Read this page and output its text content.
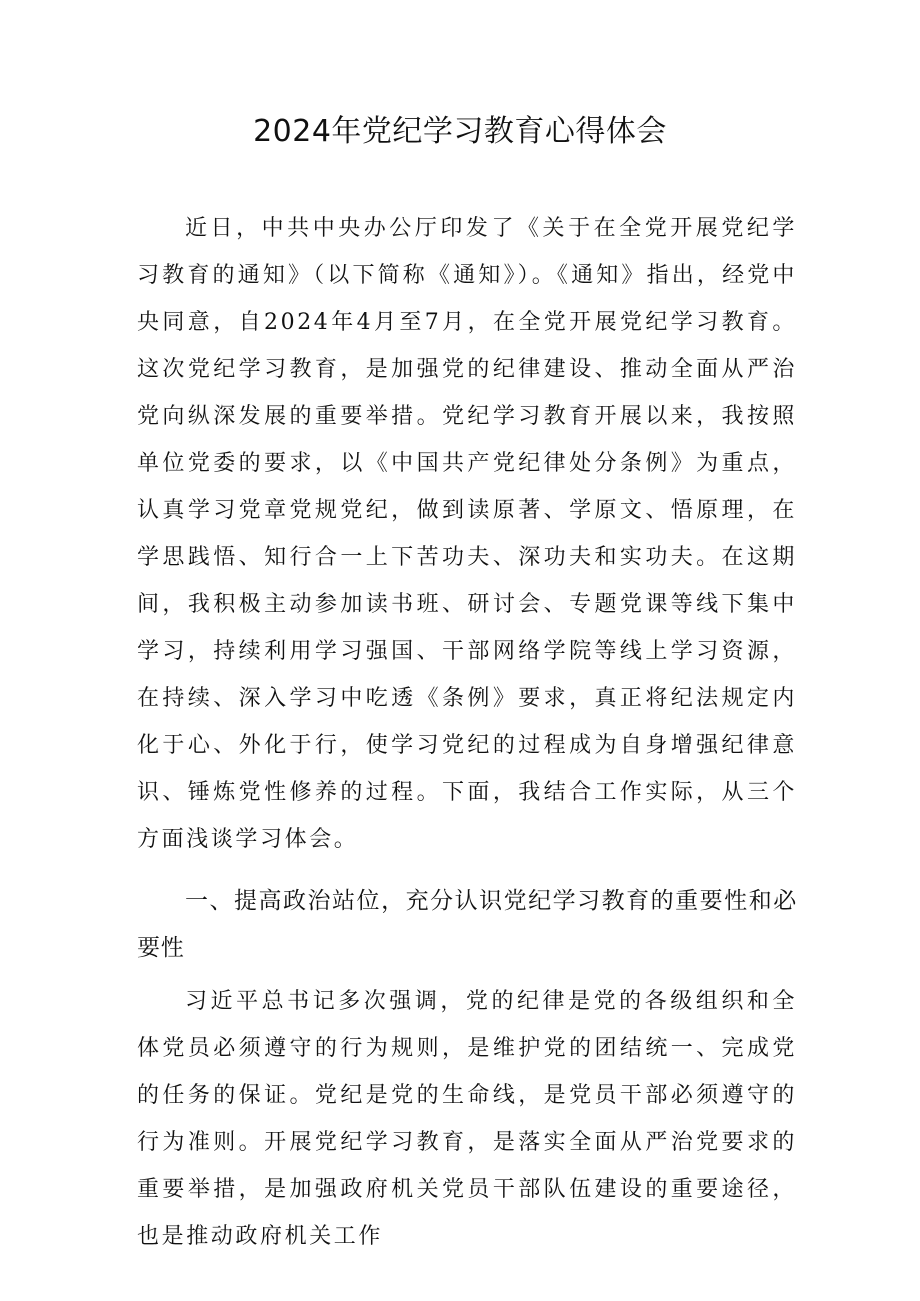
2024年党纪学习教育心得体会

近日，中共中央办公厅印发了《关于在全党开展党纪学习教育的通知》（以下简称《通知》）。《通知》指出，经党中央同意，自2024年4月至7月，在全党开展党纪学习教育。这次党纪学习教育，是加强党的纪律建设、推动全面从严治党向纵深发展的重要举措。党纪学习教育开展以来，我按照单位党委的要求，以《中国共产党纪律处分条例》为重点，认真学习党章党规党纪，做到读原著、学原文、悟原理，在学思践悟、知行合一上下苦功夫、深功夫和实功夫。在这期间，我积极主动参加读书班、研讨会、专题党课等线下集中学习，持续利用学习强国、干部网络学院等线上学习资源，在持续、深入学习中吃透《条例》要求，真正将纪法规定内化于心、外化于行，使学习党纪的过程成为自身增强纪律意识、锤炼党性修养的过程。下面，我结合工作实际，从三个方面浅谈学习体会。

一、提高政治站位，充分认识党纪学习教育的重要性和必要性

习近平总书记多次强调，党的纪律是党的各级组织和全体党员必须遵守的行为规则，是维护党的团结统一、完成党的任务的保证。党纪是党的生命线，是党员干部必须遵守的行为准则。开展党纪学习教育，是落实全面从严治党要求的重要举措，是加强政府机关党员干部队伍建设的重要途径，也是推动政府机关工作
